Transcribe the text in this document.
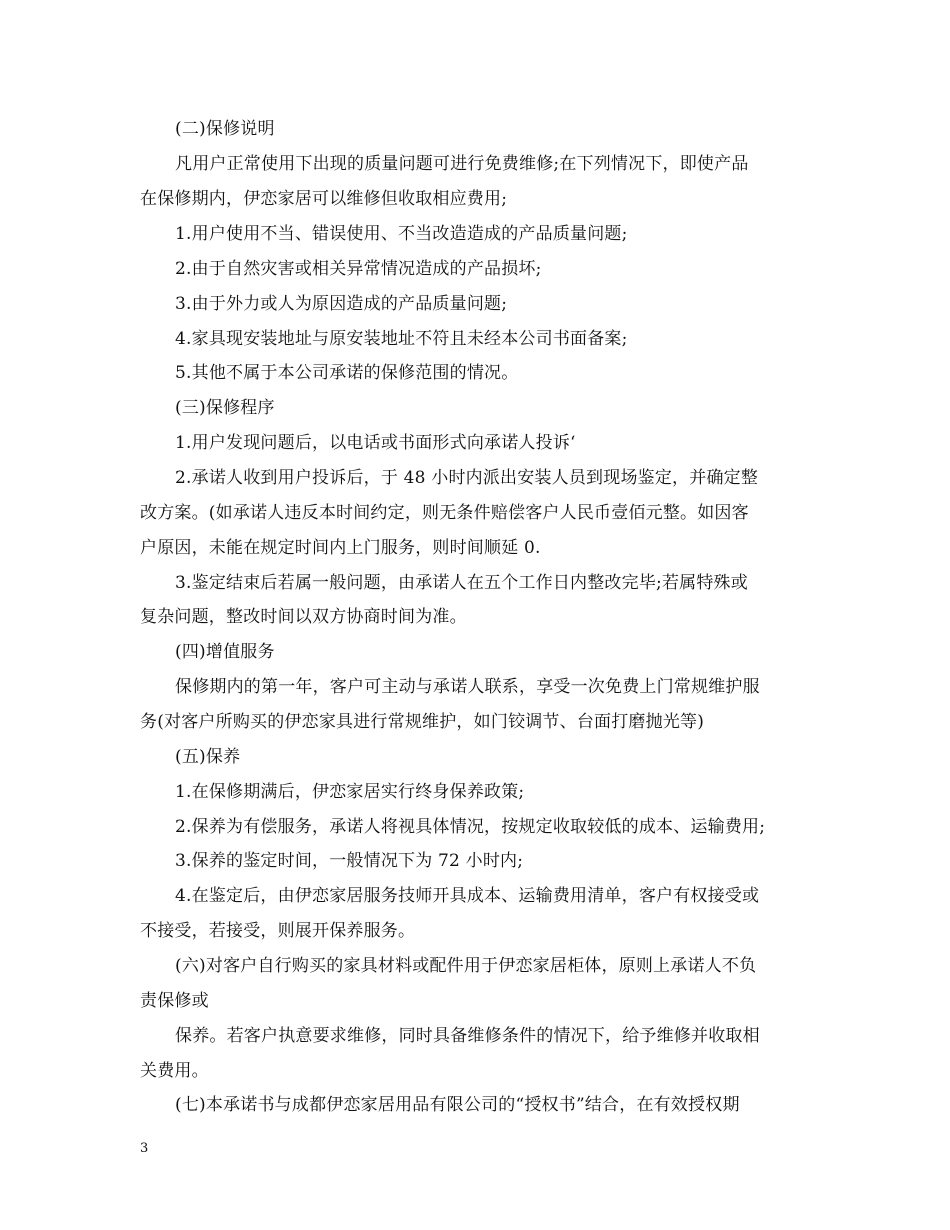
(二)保修说明
凡用户正常使用下出现的质量问题可进行免费维修;在下列情况下，即使产品
在保修期内，伊恋家居可以维修但收取相应费用;
1.用户使用不当、错误使用、不当改造造成的产品质量问题;
2.由于自然灾害或相关异常情况造成的产品损坏;
3.由于外力或人为原因造成的产品质量问题;
4.家具现安装地址与原安装地址不符且未经本公司书面备案;
5.其他不属于本公司承诺的保修范围的情况。
(三)保修程序
1.用户发现问题后，以电话或书面形式向承诺人投诉‘
2.承诺人收到用户投诉后，于 48 小时内派出安装人员到现场鉴定，并确定整
改方案。(如承诺人违反本时间约定，则无条件赔偿客户人民币壹佰元整。如因客
户原因，未能在规定时间内上门服务，则时间顺延 0.
3.鉴定结束后若属一般问题，由承诺人在五个工作日内整改完毕;若属特殊或
复杂问题，整改时间以双方协商时间为准。
(四)增值服务
保修期内的第一年，客户可主动与承诺人联系，享受一次免费上门常规维护服
务(对客户所购买的伊恋家具进行常规维护，如门铰调节、台面打磨抛光等)
(五)保养
1.在保修期满后，伊恋家居实行终身保养政策;
2.保养为有偿服务，承诺人将视具体情况，按规定收取较低的成本、运输费用;
3.保养的鉴定时间，一般情况下为 72 小时内;
4.在鉴定后，由伊恋家居服务技师开具成本、运输费用清单，客户有权接受或
不接受，若接受，则展开保养服务。
(六)对客户自行购买的家具材料或配件用于伊恋家居柜体，原则上承诺人不负
责保修或
保养。若客户执意要求维修，同时具备维修条件的情况下，给予维修并收取相
关费用。
(七)本承诺书与成都伊恋家居用品有限公司的“授权书”结合，在有效授权期
3
